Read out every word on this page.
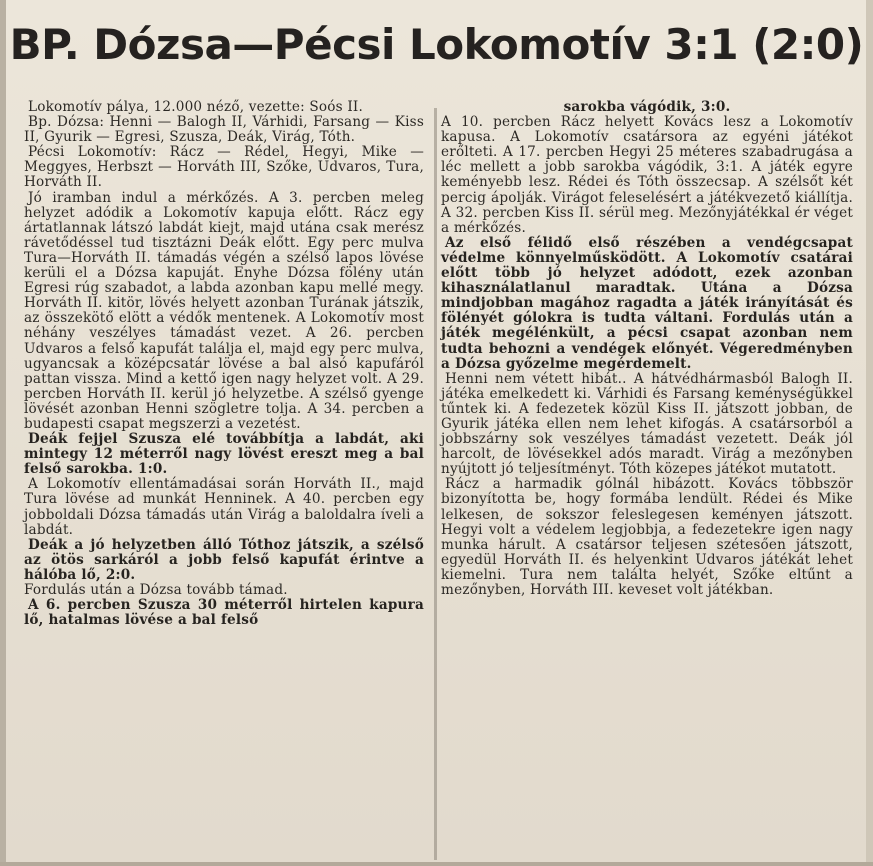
BP. Dózsa—Pécsi Lokomotív 3:1 (2:0)

Lokomotív pálya, 12.000 néző, vezette: Soós II.

Bp. Dózsa: Henni — Balogh II, Várhidi, Farsang — Kiss II, Gyurik — Egresi, Szusza, Deák, Virág, Tóth.

Pécsi Lokomotív: Rácz — Rédel, Hegyi, Mike — Meggyes, Herbszt — Horváth III, Szőke, Udvaros, Tura, Horváth II.

Jó iramban indul a mérkőzés. A 3. percben meleg helyzet adódik a Lokomotív kapuja előtt. Rácz egy ártatlannak látszó labdát kiejt, majd utána csak merész rávetődéssel tud tisztázni Deák előtt. Egy perc mulva Tura—Horváth II. támadás végén a szélső lapos lövése kerüli el a Dózsa kapuját. Enyhe Dózsa fölény után Egresi rúg szabadot, a labda azonban kapu mellé megy. Horváth II. kitör, lövés helyett azonban Turának játszik, az összekötő elött a védők mentenek. A Lokomotív most néhány veszélyes támadást vezet. A 26. percben Udvaros a felső kapufát találja el, majd egy perc mulva, ugyancsak a középcsatár lövése a bal alsó kapufáról pattan vissza. Mind a kettő igen nagy helyzet volt. A 29. percben Horváth II. kerül jó helyzetbe. A szélső gyenge lövését azonban Henni szögletre tolja. A 34. percben a budapesti csapat megszerzi a vezetést.

Deák fejjel Szusza elé továbbítja a labdát, aki mintegy 12 méterről nagy lövést ereszt meg a bal felső sarokba. 1:0.

A Lokomotív ellentámadásai során Horváth II., majd Tura lövése ad munkát Henninek. A 40. percben egy jobboldali Dózsa támadás után Virág a baloldalra íveli a labdát.

Deák a jó helyzetben álló Tóthoz játszik, a szélső az ötös sarkáról a jobb felső kapufát érintve a hálóba lő, 2:0.

Fordulás után a Dózsa tovább támad.

A 6. percben Szusza 30 méterről hirtelen kapura lő, hatalmas lövése a bal felső

sarokba vágódik, 3:0.

A 10. percben Rácz helyett Kovács lesz a Lokomotív kapusa. A Lokomotív csatársora az egyéni játékot erőlteti. A 17. percben Hegyi 25 méteres szabadrugása a léc mellett a jobb sarokba vágódik, 3:1. A játék egyre keményebb lesz. Rédei és Tóth összecsap. A szélsőt két percig ápolják. Virágot feleselésért a játékvezető kiállítja. A 32. percben Kiss II. sérül meg. Mezőnyjátékkal ér véget a mérkőzés.

Az első félidő első részében a vendégcsapat védelme könnyelműsködött. A Lokomotív csatárai előtt több jó helyzet adódott, ezek azonban kihasználatlanul maradtak. Utána a Dózsa mindjobban magához ragadta a játék irányítását és fölényét gólokra is tudta váltani. Fordulás után a játék megélénkült, a pécsi csapat azonban nem tudta behozni a vendégek előnyét. Végeredményben a Dózsa győzelme megérdemelt.

Henni nem vétett hibát.. A hátvédhármasból Balogh II. játéka emelkedett ki. Várhidi és Farsang keménységükkel tűntek ki. A fedezetek közül Kiss II. játszott jobban, de Gyurik játéka ellen nem lehet kifogás. A csatársorból a jobbszárny sok veszélyes támadást vezetett. Deák jól harcolt, de lövésekkel adós maradt. Virág a mezőnyben nyújtott jó teljesítményt. Tóth közepes játékot mutatott.

Rácz a harmadik gólnál hibázott. Kovács többször bizonyította be, hogy formába lendült. Rédei és Mike lelkesen, de sokszor feleslegesen keményen játszott. Hegyi volt a védelem legjobbja, a fedezetekre igen nagy munka hárult. A csatársor teljesen szétesően játszott, egyedül Horváth II. és helyenkint Udvaros játékát lehet kiemelni. Tura nem találta helyét, Szőke eltűnt a mezőnyben, Horváth III. keveset volt játékban.
